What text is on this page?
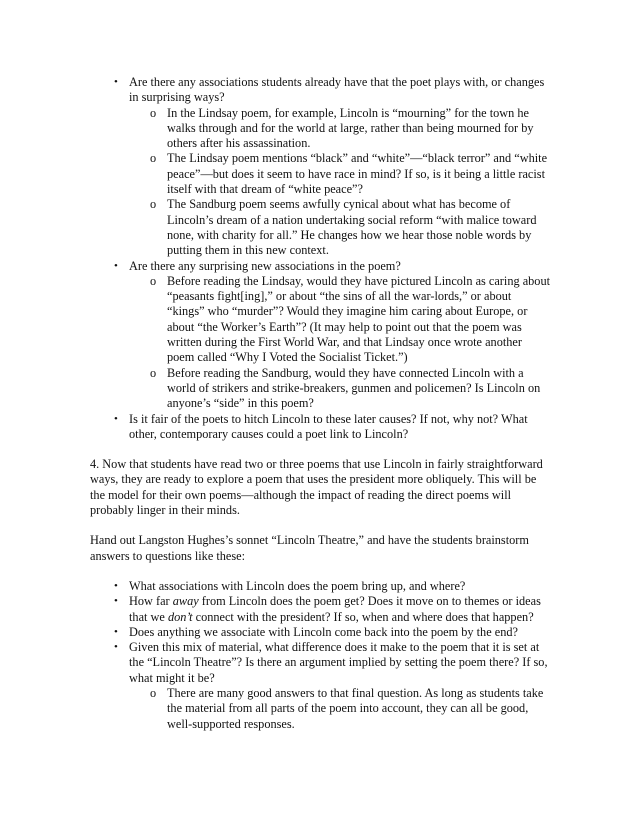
• Are there any associations students already have that the poet plays with, or changes in surprising ways?
o In the Lindsay poem, for example, Lincoln is “mourning” for the town he walks through and for the world at large, rather than being mourned for by others after his assassination.
o The Lindsay poem mentions “black” and “white”—“black terror” and “white peace”—but does it seem to have race in mind? If so, is it being a little racist itself with that dream of “white peace”?
o The Sandburg poem seems awfully cynical about what has become of Lincoln’s dream of a nation undertaking social reform “with malice toward none, with charity for all.” He changes how we hear those noble words by putting them in this new context.
• Are there any surprising new associations in the poem?
o Before reading the Lindsay, would they have pictured Lincoln as caring about “peasants fight[ing],” or about “the sins of all the war-lords,” or about “kings” who “murder”? Would they imagine him caring about Europe, or about “the Worker’s Earth”? (It may help to point out that the poem was written during the First World War, and that Lindsay once wrote another poem called “Why I Voted the Socialist Ticket.”)
o Before reading the Sandburg, would they have connected Lincoln with a world of strikers and strike-breakers, gunmen and policemen? Is Lincoln on anyone’s “side” in this poem?
• Is it fair of the poets to hitch Lincoln to these later causes? If not, why not? What other, contemporary causes could a poet link to Lincoln?

4. Now that students have read two or three poems that use Lincoln in fairly straightforward ways, they are ready to explore a poem that uses the president more obliquely. This will be the model for their own poems—although the impact of reading the direct poems will probably linger in their minds.

Hand out Langston Hughes’s sonnet “Lincoln Theatre,” and have the students brainstorm answers to questions like these:

• What associations with Lincoln does the poem bring up, and where?
• How far away from Lincoln does the poem get? Does it move on to themes or ideas that we don’t connect with the president? If so, when and where does that happen?
• Does anything we associate with Lincoln come back into the poem by the end?
• Given this mix of material, what difference does it make to the poem that it is set at the “Lincoln Theatre”? Is there an argument implied by setting the poem there? If so, what might it be?
o There are many good answers to that final question. As long as students take the material from all parts of the poem into account, they can all be good, well-supported responses.
